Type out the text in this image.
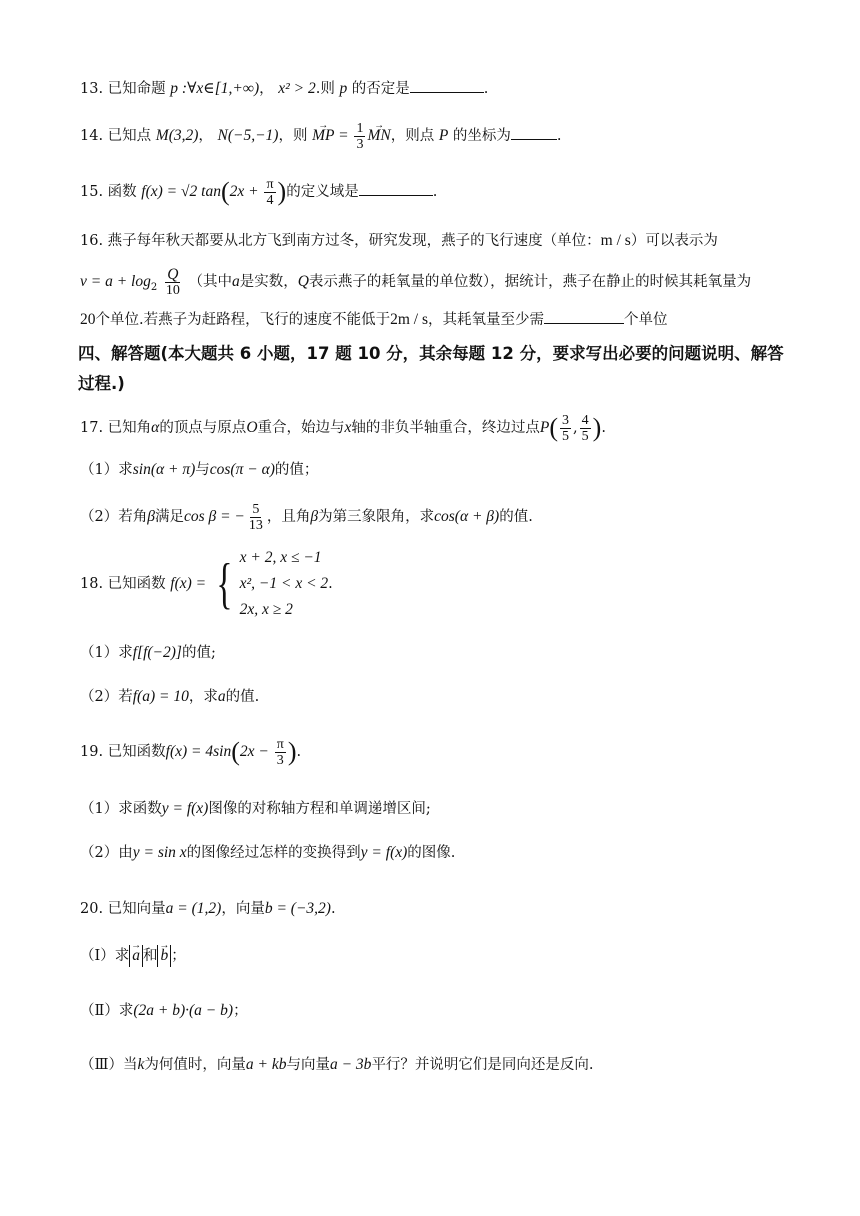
13. 已知命题 p :∀x∈[1,+∞)， x² > 2.则 p 的否定是	.
14. 已知点 M(3,2)， N(−5,−1)，则 → MP = $\frac{1}{3}$ → MN，则点 P 的坐标为	.
15. 函数 f(x) = √2 $\tan(2x + \frac{\pi}{4}$ )的定义域是	.
16. 燕子每年秋天都要从北方飞到南方过冬，研究发现，燕子的飞行速度（单位：m / s）可以表示为
$v = a + \log_2 \frac{Q}{10}$ （其中a是实数，Q表示燕子的耗氧量的单位数），据统计，燕子在静止的时候其耗氧量为
20个单位.若燕子为赶路程，飞行的速度不能低于2m / s，其耗氧量至少需	个单位
四、解答题(本大题共 6 小题，17 题 10 分，其余每题 12 分，要求写出必要的问题说明、解答
过程.)
17. 已知角α的顶点与原点O重合，始边与x轴的非负半轴重合，终边过点$P( \frac{3}{5}$ , $\frac{4}{5}$ ).
（1）求sin(α + π)与cos(π − α)的值；
（2）若角β满足cos β = − $\frac{5}{13}$ ，且角β为第三象限角，求cos(α + β)的值.
18. 已知函数 f(x) = { x + 2, x ≤ −1
x², −1 < x < 2
2x, x ≥ 2
.
（1）求f[f(−2)]的值;
（2）若f(a) = 10，求a的值.
19. 已知函数$f(x) = 4\sin(2x - \frac{\pi}{3}$ ).
（1）求函数y = f(x)图像的对称轴方程和单调递增区间;
（2）由y = sin x的图像经过怎样的变换得到y = f(x)的图像.
20. 已知向量a = (1,2)，向量b = (−3,2).
（Ⅰ）求 → a 和 → b ；
（Ⅱ）求(2a + b)·(a − b)；
（Ⅲ）当k为何值时，向量a + kb与向量a − 3b平行？并说明它们是同向还是反向.
